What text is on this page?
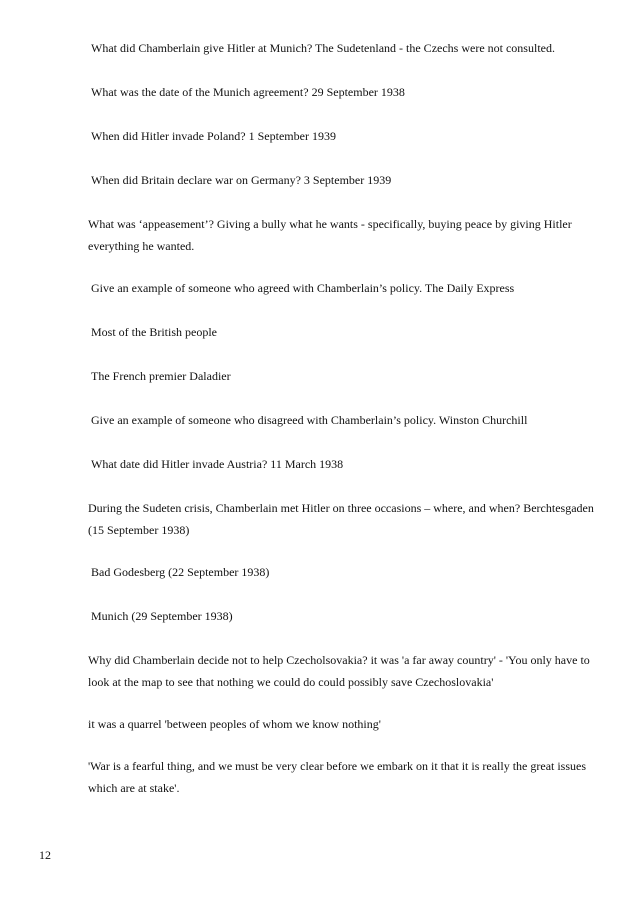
What did Chamberlain give Hitler at Munich? The Sudetenland - the Czechs were not consulted.

What was the date of the Munich agreement? 29 September 1938

When did Hitler invade Poland? 1 September 1939

When did Britain declare war on Germany? 3 September 1939

What was ‘appeasement’? Giving a bully what he wants - specifically, buying peace by giving Hitler everything he wanted.

Give an example of someone who agreed with Chamberlain’s policy. The Daily Express

Most of the British people

The French premier Daladier

Give an example of someone who disagreed with Chamberlain’s policy. Winston Churchill

What date did Hitler invade Austria? 11 March 1938

During the Sudeten crisis, Chamberlain met Hitler on three occasions – where, and when? Berchtesgaden (15 September 1938)

Bad Godesberg (22 September 1938)

Munich (29 September 1938)

Why did Chamberlain decide not to help Czecholsovakia? it was 'a far away country' - 'You only have to look at the map to see that nothing we could do could possibly save Czechoslovakia'

it was a quarrel 'between peoples of whom we know nothing'

'War is a fearful thing, and we must be very clear before we embark on it that it is really the great issues which are at stake'.

12
